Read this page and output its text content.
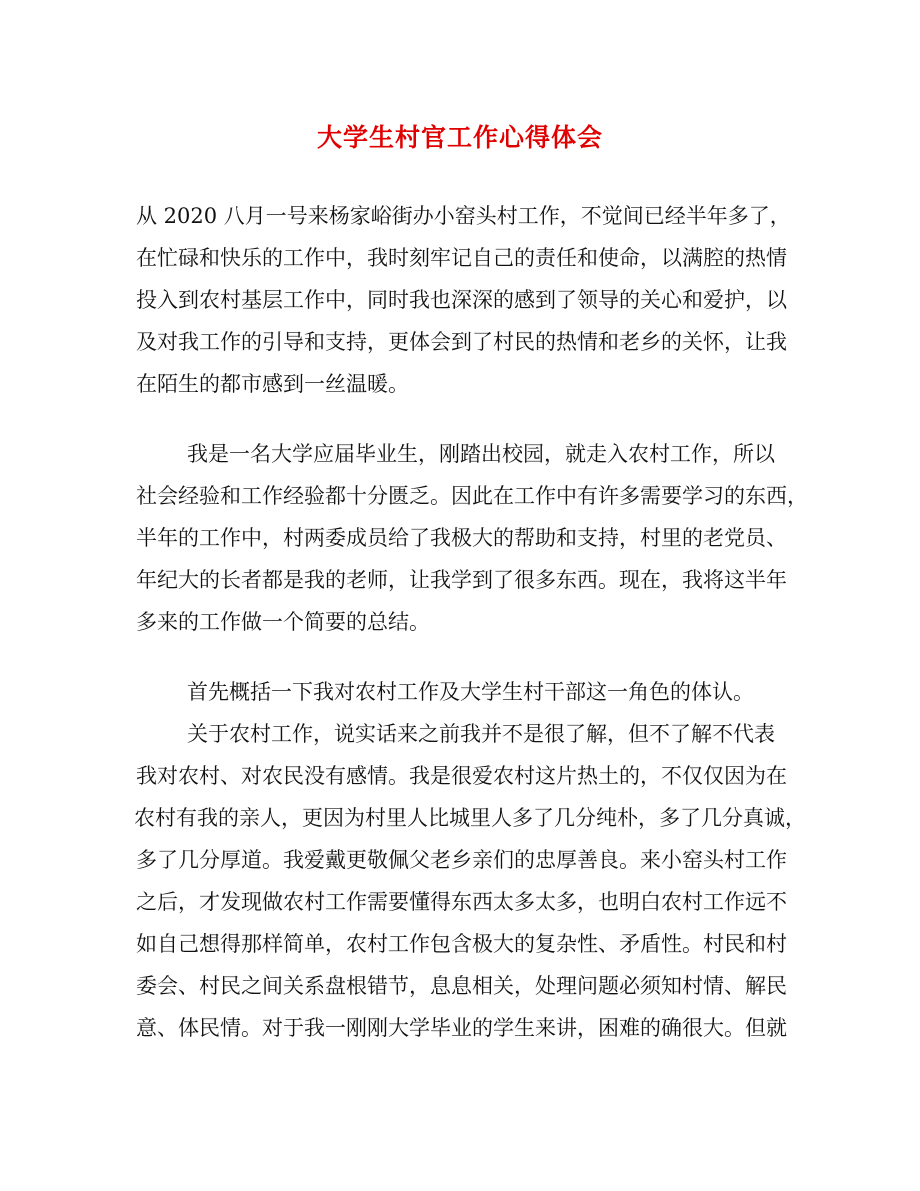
大学生村官工作心得体会
从 2020 八月一号来杨家峪街办小窑头村工作，不觉间已经半年多了，
在忙碌和快乐的工作中，我时刻牢记自己的责任和使命，以满腔的热情
投入到农村基层工作中，同时我也深深的感到了领导的关心和爱护，以
及对我工作的引导和支持，更体会到了村民的热情和老乡的关怀，让我
在陌生的都市感到一丝温暖。
我是一名大学应届毕业生，刚踏出校园，就走入农村工作，所以
社会经验和工作经验都十分匮乏。因此在工作中有许多需要学习的东西，
半年的工作中，村两委成员给了我极大的帮助和支持，村里的老党员、
年纪大的长者都是我的老师，让我学到了很多东西。现在，我将这半年
多来的工作做一个简要的总结。
首先概括一下我对农村工作及大学生村干部这一角色的体认。
关于农村工作，说实话来之前我并不是很了解，但不了解不代表
我对农村、对农民没有感情。我是很爱农村这片热土的，不仅仅因为在
农村有我的亲人，更因为村里人比城里人多了几分纯朴，多了几分真诚，
多了几分厚道。我爱戴更敬佩父老乡亲们的忠厚善良。来小窑头村工作
之后，才发现做农村工作需要懂得东西太多太多，也明白农村工作远不
如自己想得那样简单，农村工作包含极大的复杂性、矛盾性。村民和村
委会、村民之间关系盘根错节，息息相关，处理问题必须知村情、解民
意、体民情。对于我一刚刚大学毕业的学生来讲，困难的确很大。但就
